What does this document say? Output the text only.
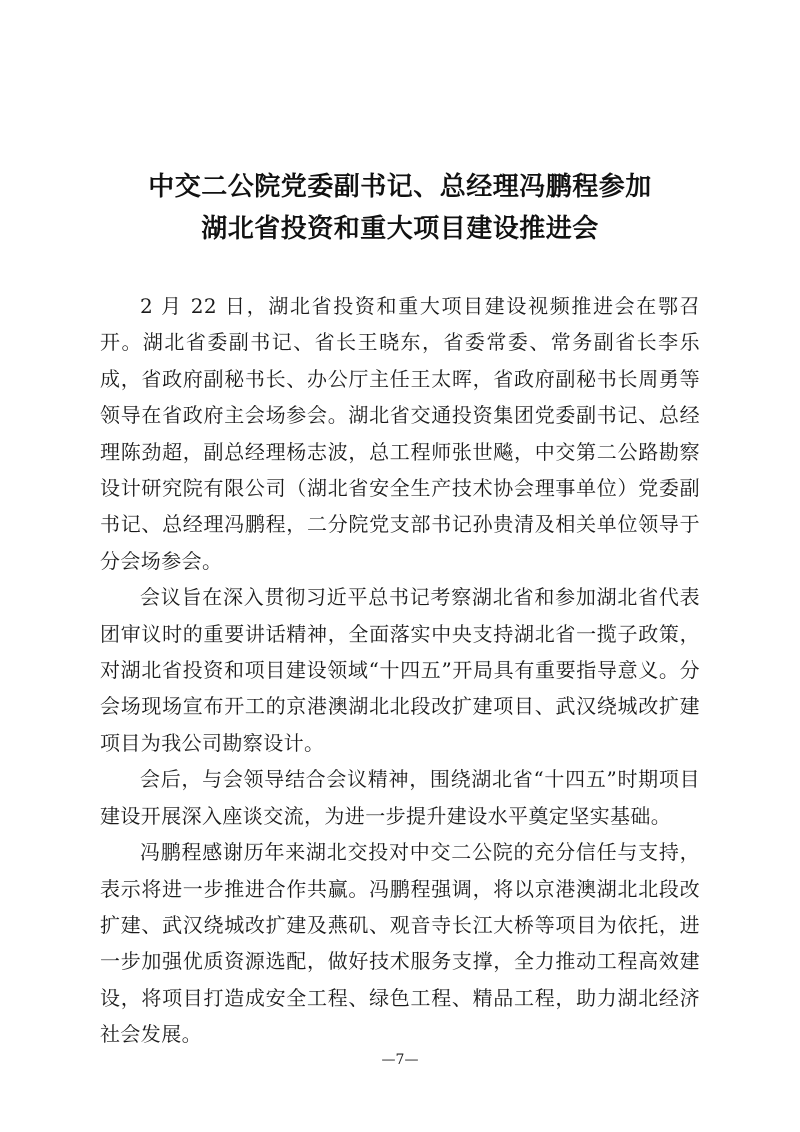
中交二公院党委副书记、总经理冯鹏程参加
湖北省投资和重大项目建设推进会

2 月 22 日，湖北省投资和重大项目建设视频推进会在鄂召开。湖北省委副书记、省长王晓东，省委常委、常务副省长李乐成，省政府副秘书长、办公厅主任王太晖，省政府副秘书长周勇等领导在省政府主会场参会。湖北省交通投资集团党委副书记、总经理陈劲超，副总经理杨志波，总工程师张世飚，中交第二公路勘察设计研究院有限公司（湖北省安全生产技术协会理事单位）党委副书记、总经理冯鹏程，二分院党支部书记孙贵清及相关单位领导于分会场参会。

会议旨在深入贯彻习近平总书记考察湖北省和参加湖北省代表团审议时的重要讲话精神，全面落实中央支持湖北省一揽子政策，对湖北省投资和项目建设领域“十四五”开局具有重要指导意义。分会场现场宣布开工的京港澳湖北北段改扩建项目、武汉绕城改扩建项目为我公司勘察设计。

会后，与会领导结合会议精神，围绕湖北省“十四五”时期项目建设开展深入座谈交流，为进一步提升建设水平奠定坚实基础。

冯鹏程感谢历年来湖北交投对中交二公院的充分信任与支持，表示将进一步推进合作共赢。冯鹏程强调，将以京港澳湖北北段改扩建、武汉绕城改扩建及燕矶、观音寺长江大桥等项目为依托，进一步加强优质资源选配，做好技术服务支撑，全力推动工程高效建设，将项目打造成安全工程、绿色工程、精品工程，助力湖北经济社会发展。

—7—
